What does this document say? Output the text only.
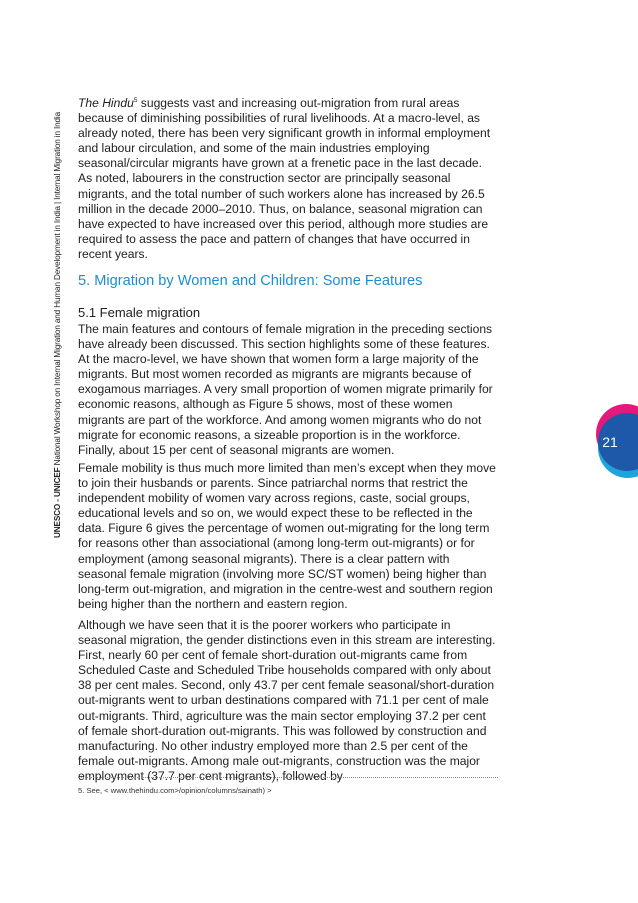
UNESCO - UNICEF National Workshop on Internal Migration and Human Development in India | Internal Migration in India

The Hindu$^5$ suggests vast and increasing out-migration from rural areas because of diminishing possibilities of rural livelihoods. At a macro-level, as already noted, there has been very significant growth in informal employment and labour circulation, and some of the main industries employing seasonal/circular migrants have grown at a frenetic pace in the last decade. As noted, labourers in the construction sector are principally seasonal migrants, and the total number of such workers alone has increased by 26.5 million in the decade 2000–2010. Thus, on balance, seasonal migration can have expected to have increased over this period, although more studies are required to assess the pace and pattern of changes that have occurred in recent years.

5. Migration by Women and Children: Some Features
5.1 Female migration

The main features and contours of female migration in the preceding sections have already been discussed. This section highlights some of these features. At the macro-level, we have shown that women form a large majority of the migrants. But most women recorded as migrants are migrants because of exogamous marriages. A very small proportion of women migrate primarily for economic reasons, although as Figure 5 shows, most of these women migrants are part of the workforce. And among women migrants who do not migrate for economic reasons, a sizeable proportion is in the workforce. Finally, about 15 per cent of seasonal migrants are women.

Female mobility is thus much more limited than men’s except when they move to join their husbands or parents. Since patriarchal norms that restrict the independent mobility of women vary across regions, caste, social groups, educational levels and so on, we would expect these to be reflected in the data. Figure 6 gives the percentage of women out-migrating for the long term for reasons other than associational (among long-term out-migrants) or for employment (among seasonal migrants). There is a clear pattern with seasonal female migration (involving more SC/ST women) being higher than long-term out-migration, and migration in the centre-west and southern region being higher than the northern and eastern region.

Although we have seen that it is the poorer workers who participate in seasonal migration, the gender distinctions even in this stream are interesting. First, nearly 60 per cent of female short-duration out-migrants came from Scheduled Caste and Scheduled Tribe households compared with only about 38 per cent males. Second, only 43.7 per cent female seasonal/short-duration out-migrants went to urban destinations compared with 71.1 per cent of male out-migrants. Third, agriculture was the main sector employing 37.2 per cent of female short-duration out-migrants. This was followed by construction and manufacturing. No other industry employed more than 2.5 per cent of the female out-migrants. Among male out-migrants, construction was the major employment (37.7 per cent migrants), followed by

5. See, < www.thehindu.com>/opinion/columns/sainath) >
21
